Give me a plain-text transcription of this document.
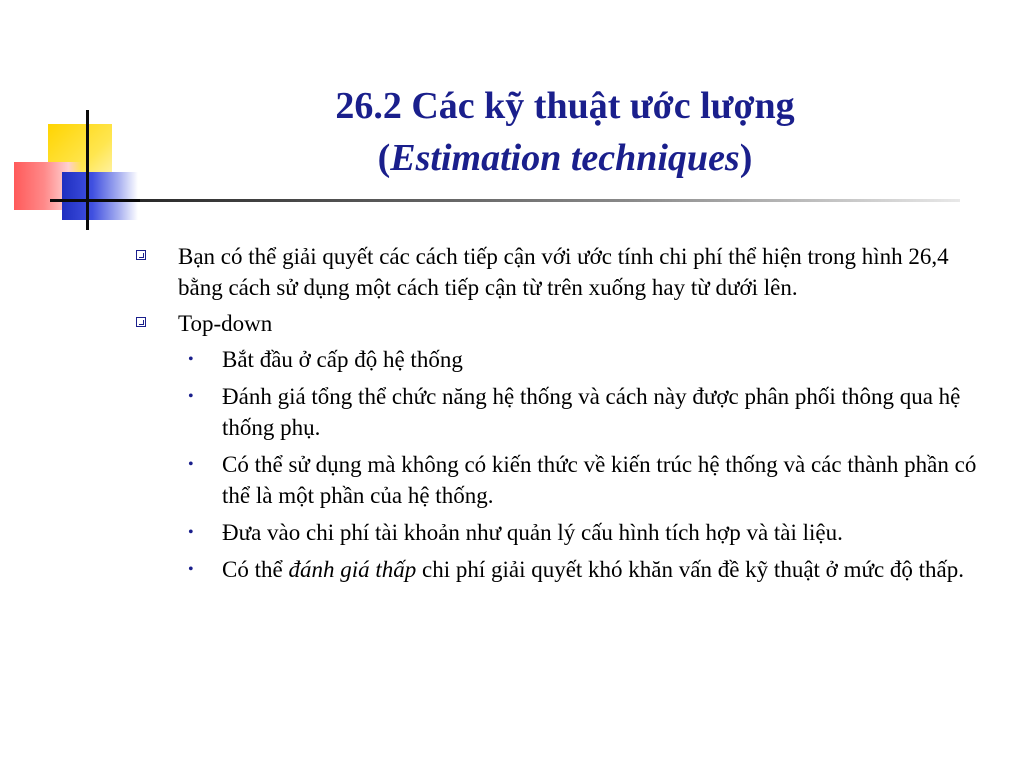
26.2 Các kỹ thuật ước lượng
(Estimation techniques)
Bạn có thể giải quyết các cách tiếp cận với ước tính chi phí thể hiện trong hình 26,4 bằng cách sử dụng một cách tiếp cận từ trên xuống hay từ dưới lên.
Top-down
• Bắt đầu ở cấp độ hệ thống
• Đánh giá tổng thể chức năng hệ thống và cách này được phân phối thông qua hệ thống phụ.
• Có thể sử dụng mà không có kiến thức về kiến trúc hệ thống và các thành phần có thể là một phần của hệ thống.
• Đưa vào chi phí tài khoản như quản lý cấu hình tích hợp và tài liệu.
• Có thể đánh giá thấp chi phí giải quyết khó khăn vấn đề kỹ thuật ở mức độ thấp.
